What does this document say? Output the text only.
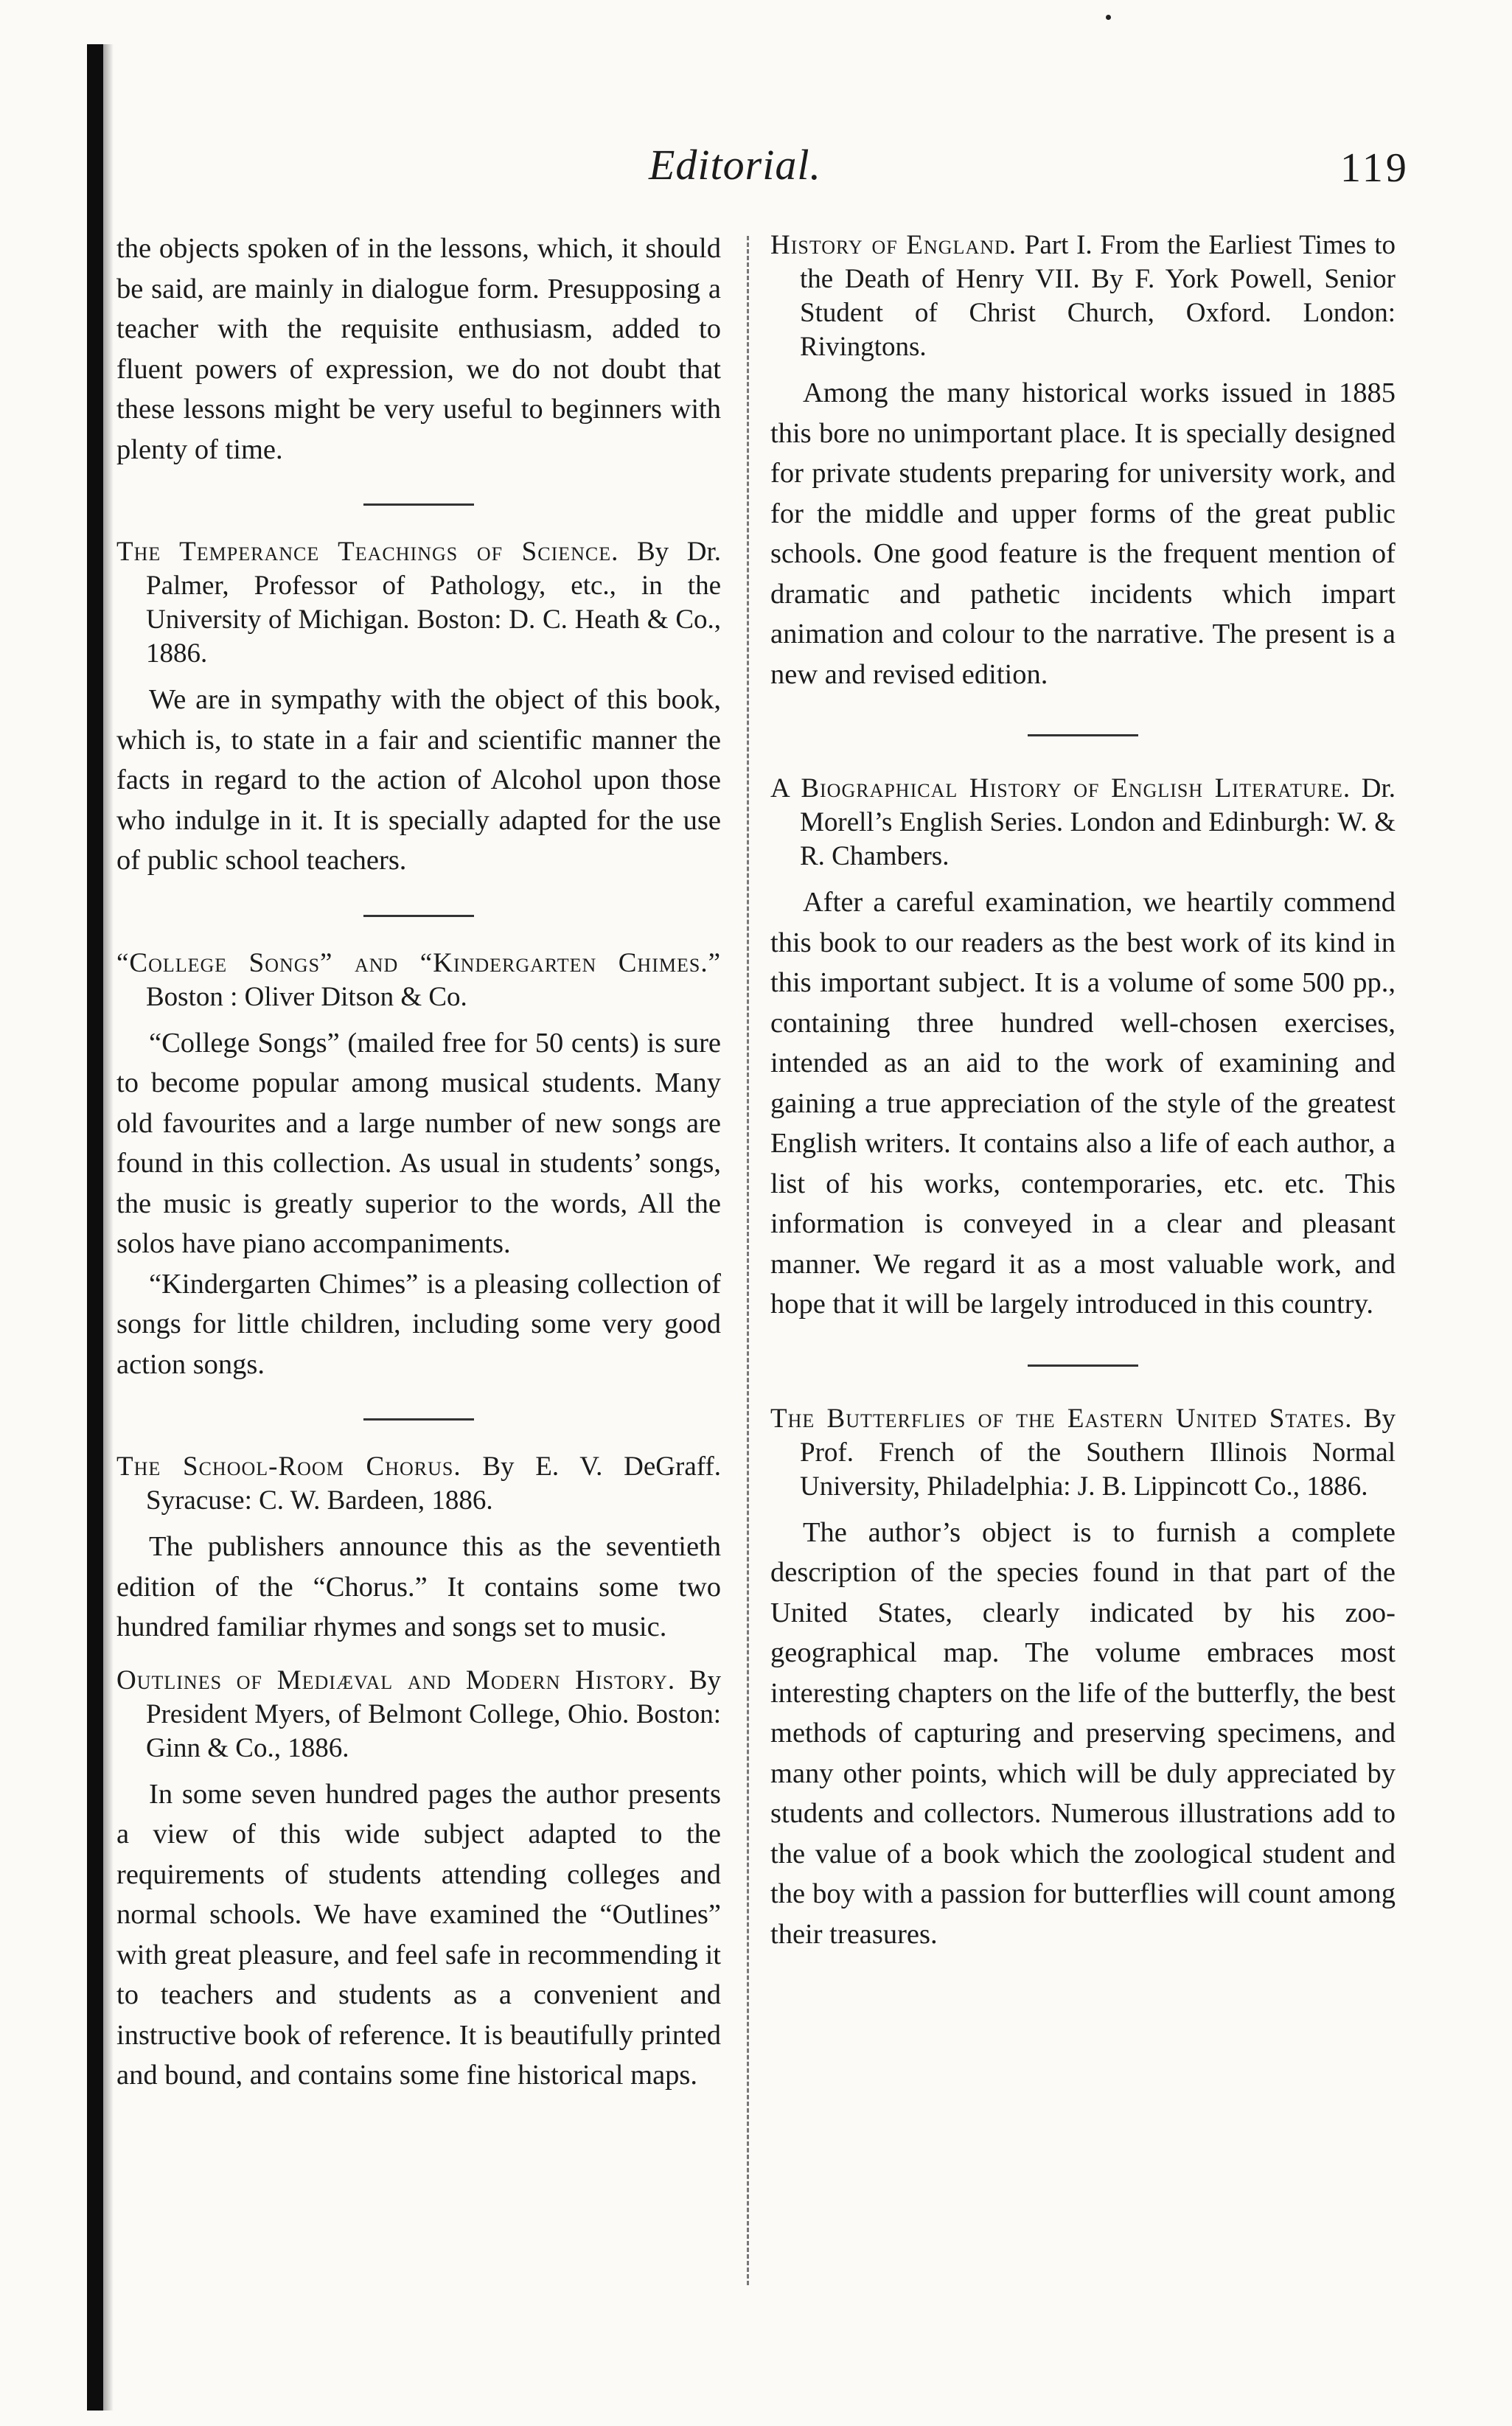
Editorial.	119

the objects spoken of in the lessons, which, it should be said, are mainly in dialogue form. Presupposing a teacher with the requisite enthusiasm, added to fluent powers of expression, we do not doubt that these lessons might be very useful to beginners with plenty of time.

The Temperance Teachings of Science. By Dr. Palmer, Professor of Pathology, etc., in the University of Michigan. Boston: D. C. Heath & Co., 1886.

We are in sympathy with the object of this book, which is, to state in a fair and scientific manner the facts in regard to the action of Alcohol upon those who indulge in it. It is specially adapted for the use of public school teachers.

“College Songs” and “Kindergarten Chimes.” Boston : Oliver Ditson & Co.

“College Songs” (mailed free for 50 cents) is sure to become popular among musical students. Many old favourites and a large number of new songs are found in this collection. As usual in students’ songs, the music is greatly superior to the words, All the solos have piano accompaniments.

“Kindergarten Chimes” is a pleasing collection of songs for little children, including some very good action songs.

The School-Room Chorus. By E. V. DeGraff. Syracuse: C. W. Bardeen, 1886.

The publishers announce this as the seventieth edition of the “Chorus.” It contains some two hundred familiar rhymes and songs set to music.

Outlines of Mediæval and Modern History. By President Myers, of Belmont College, Ohio. Boston: Ginn & Co., 1886.

In some seven hundred pages the author presents a view of this wide subject adapted to the requirements of students attending colleges and normal schools. We have examined the “Outlines” with great pleasure, and feel safe in recommending it to teachers and students as a convenient and instructive book of reference. It is beautifully printed and bound, and contains some fine historical maps.

History of England. Part I. From the Earliest Times to the Death of Henry VII. By F. York Powell, Senior Student of Christ Church, Oxford. London: Rivingtons.

Among the many historical works issued in 1885 this bore no unimportant place. It is specially designed for private students preparing for university work, and for the middle and upper forms of the great public schools. One good feature is the frequent mention of dramatic and pathetic incidents which impart animation and colour to the narrative. The present is a new and revised edition.

A Biographical History of English Literature. Dr. Morell’s English Series. London and Edinburgh: W. & R. Chambers.

After a careful examination, we heartily commend this book to our readers as the best work of its kind in this important subject. It is a volume of some 500 pp., containing three hundred well-chosen exercises, intended as an aid to the work of examining and gaining a true appreciation of the style of the greatest English writers. It contains also a life of each author, a list of his works, contemporaries, etc. etc. This information is conveyed in a clear and pleasant manner. We regard it as a most valuable work, and hope that it will be largely introduced in this country.

The Butterflies of the Eastern United States. By Prof. French of the Southern Illinois Normal University, Philadelphia: J. B. Lippincott Co., 1886.

The author’s object is to furnish a complete description of the species found in that part of the United States, clearly indicated by his zoo-geographical map. The volume embraces most interesting chapters on the life of the butterfly, the best methods of capturing and preserving specimens, and many other points, which will be duly appreciated by students and collectors. Numerous illustrations add to the value of a book which the zoological student and the boy with a passion for butterflies will count among their treasures.
